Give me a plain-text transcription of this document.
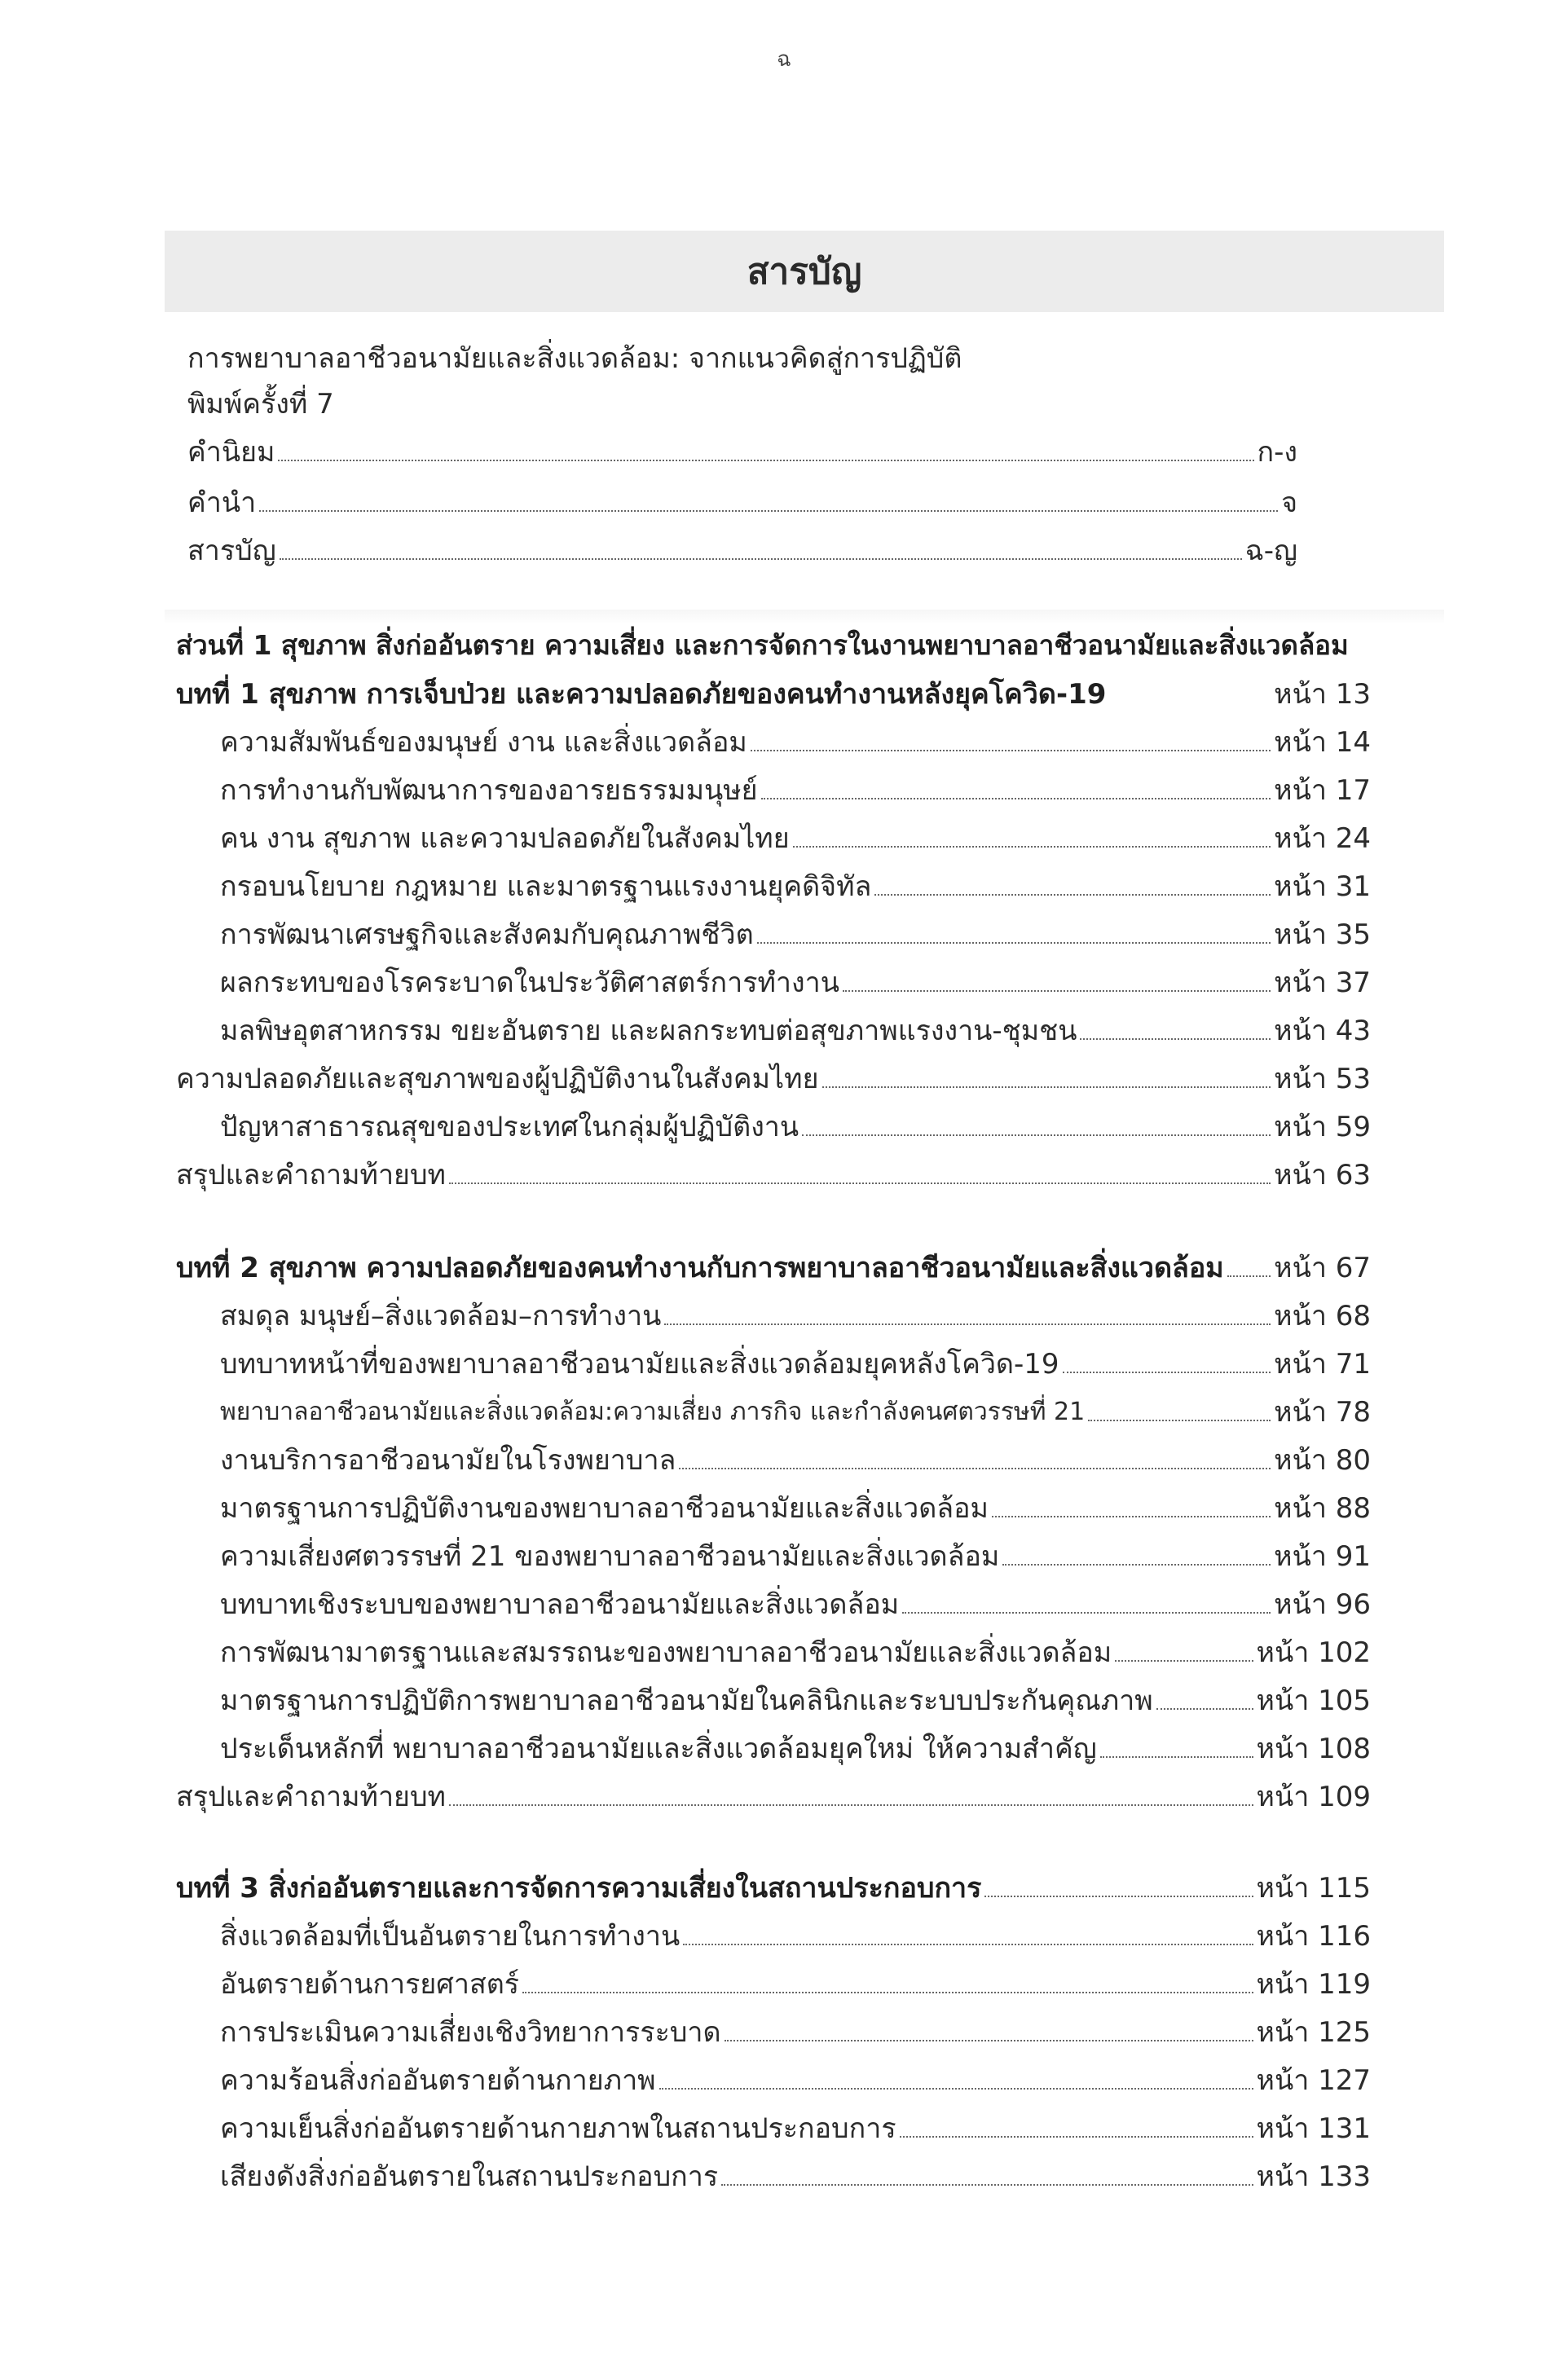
ฉ
สารบัญ
การพยาบาลอาชีวอนามัยและสิ่งแวดล้อม: จากแนวคิดสู่การปฏิบัติ
พิมพ์ครั้งที่ 7
คำนิยม	ก-ง
คำนำ	จ
สารบัญ	ฉ-ญ
ส่วนที่ 1 สุขภาพ สิ่งก่ออันตราย ความเสี่ยง และการจัดการในงานพยาบาลอาชีวอนามัยและสิ่งแวดล้อม
บทที่ 1 สุขภาพ การเจ็บป่วย และความปลอดภัยของคนทำงานหลังยุคโควิด-19	หน้า 13
ความสัมพันธ์ของมนุษย์ งาน และสิ่งแวดล้อม	หน้า 14
การทำงานกับพัฒนาการของอารยธรรมมนุษย์	หน้า 17
คน งาน สุขภาพ และความปลอดภัยในสังคมไทย	หน้า 24
กรอบนโยบาย กฎหมาย และมาตรฐานแรงงานยุคดิจิทัล	หน้า 31
การพัฒนาเศรษฐกิจและสังคมกับคุณภาพชีวิต	หน้า 35
ผลกระทบของโรคระบาดในประวัติศาสตร์การทำงาน	หน้า 37
มลพิษอุตสาหกรรม ขยะอันตราย และผลกระทบต่อสุขภาพแรงงาน-ชุมชน	หน้า 43
ความปลอดภัยและสุขภาพของผู้ปฏิบัติงานในสังคมไทย	หน้า 53
ปัญหาสาธารณสุขของประเทศในกลุ่มผู้ปฏิบัติงาน	หน้า 59
สรุปและคำถามท้ายบท	หน้า 63
บทที่ 2 สุขภาพ ความปลอดภัยของคนทำงานกับการพยาบาลอาชีวอนามัยและสิ่งแวดล้อม หน้า 67
สมดุล มนุษย์–สิ่งแวดล้อม–การทำงาน	หน้า 68
บทบาทหน้าที่ของพยาบาลอาชีวอนามัยและสิ่งแวดล้อมยุคหลังโควิด-19	หน้า 71
พยาบาลอาชีวอนามัยและสิ่งแวดล้อม:ความเสี่ยง ภารกิจ และกำลังคนศตวรรษที่ 21	หน้า 78
งานบริการอาชีวอนามัยในโรงพยาบาล	หน้า 80
มาตรฐานการปฏิบัติงานของพยาบาลอาชีวอนามัยและสิ่งแวดล้อม	หน้า 88
ความเสี่ยงศตวรรษที่ 21 ของพยาบาลอาชีวอนามัยและสิ่งแวดล้อม	หน้า 91
บทบาทเชิงระบบของพยาบาลอาชีวอนามัยและสิ่งแวดล้อม	หน้า 96
การพัฒนามาตรฐานและสมรรถนะของพยาบาลอาชีวอนามัยและสิ่งแวดล้อม	หน้า 102
มาตรฐานการปฏิบัติการพยาบาลอาชีวอนามัยในคลินิกและระบบประกันคุณภาพ	หน้า 105
ประเด็นหลักที่ พยาบาลอาชีวอนามัยและสิ่งแวดล้อมยุคใหม่ ให้ความสำคัญ	หน้า 108
สรุปและคำถามท้ายบท	หน้า 109
บทที่ 3 สิ่งก่ออันตรายและการจัดการความเสี่ยงในสถานประกอบการ	หน้า 115
สิ่งแวดล้อมที่เป็นอันตรายในการทำงาน	หน้า 116
อันตรายด้านการยศาสตร์	หน้า 119
การประเมินความเสี่ยงเชิงวิทยาการระบาด	หน้า 125
ความร้อนสิ่งก่ออันตรายด้านกายภาพ	หน้า 127
ความเย็นสิ่งก่ออันตรายด้านกายภาพในสถานประกอบการ	หน้า 131
เสียงดังสิ่งก่ออันตรายในสถานประกอบการ	หน้า 133
